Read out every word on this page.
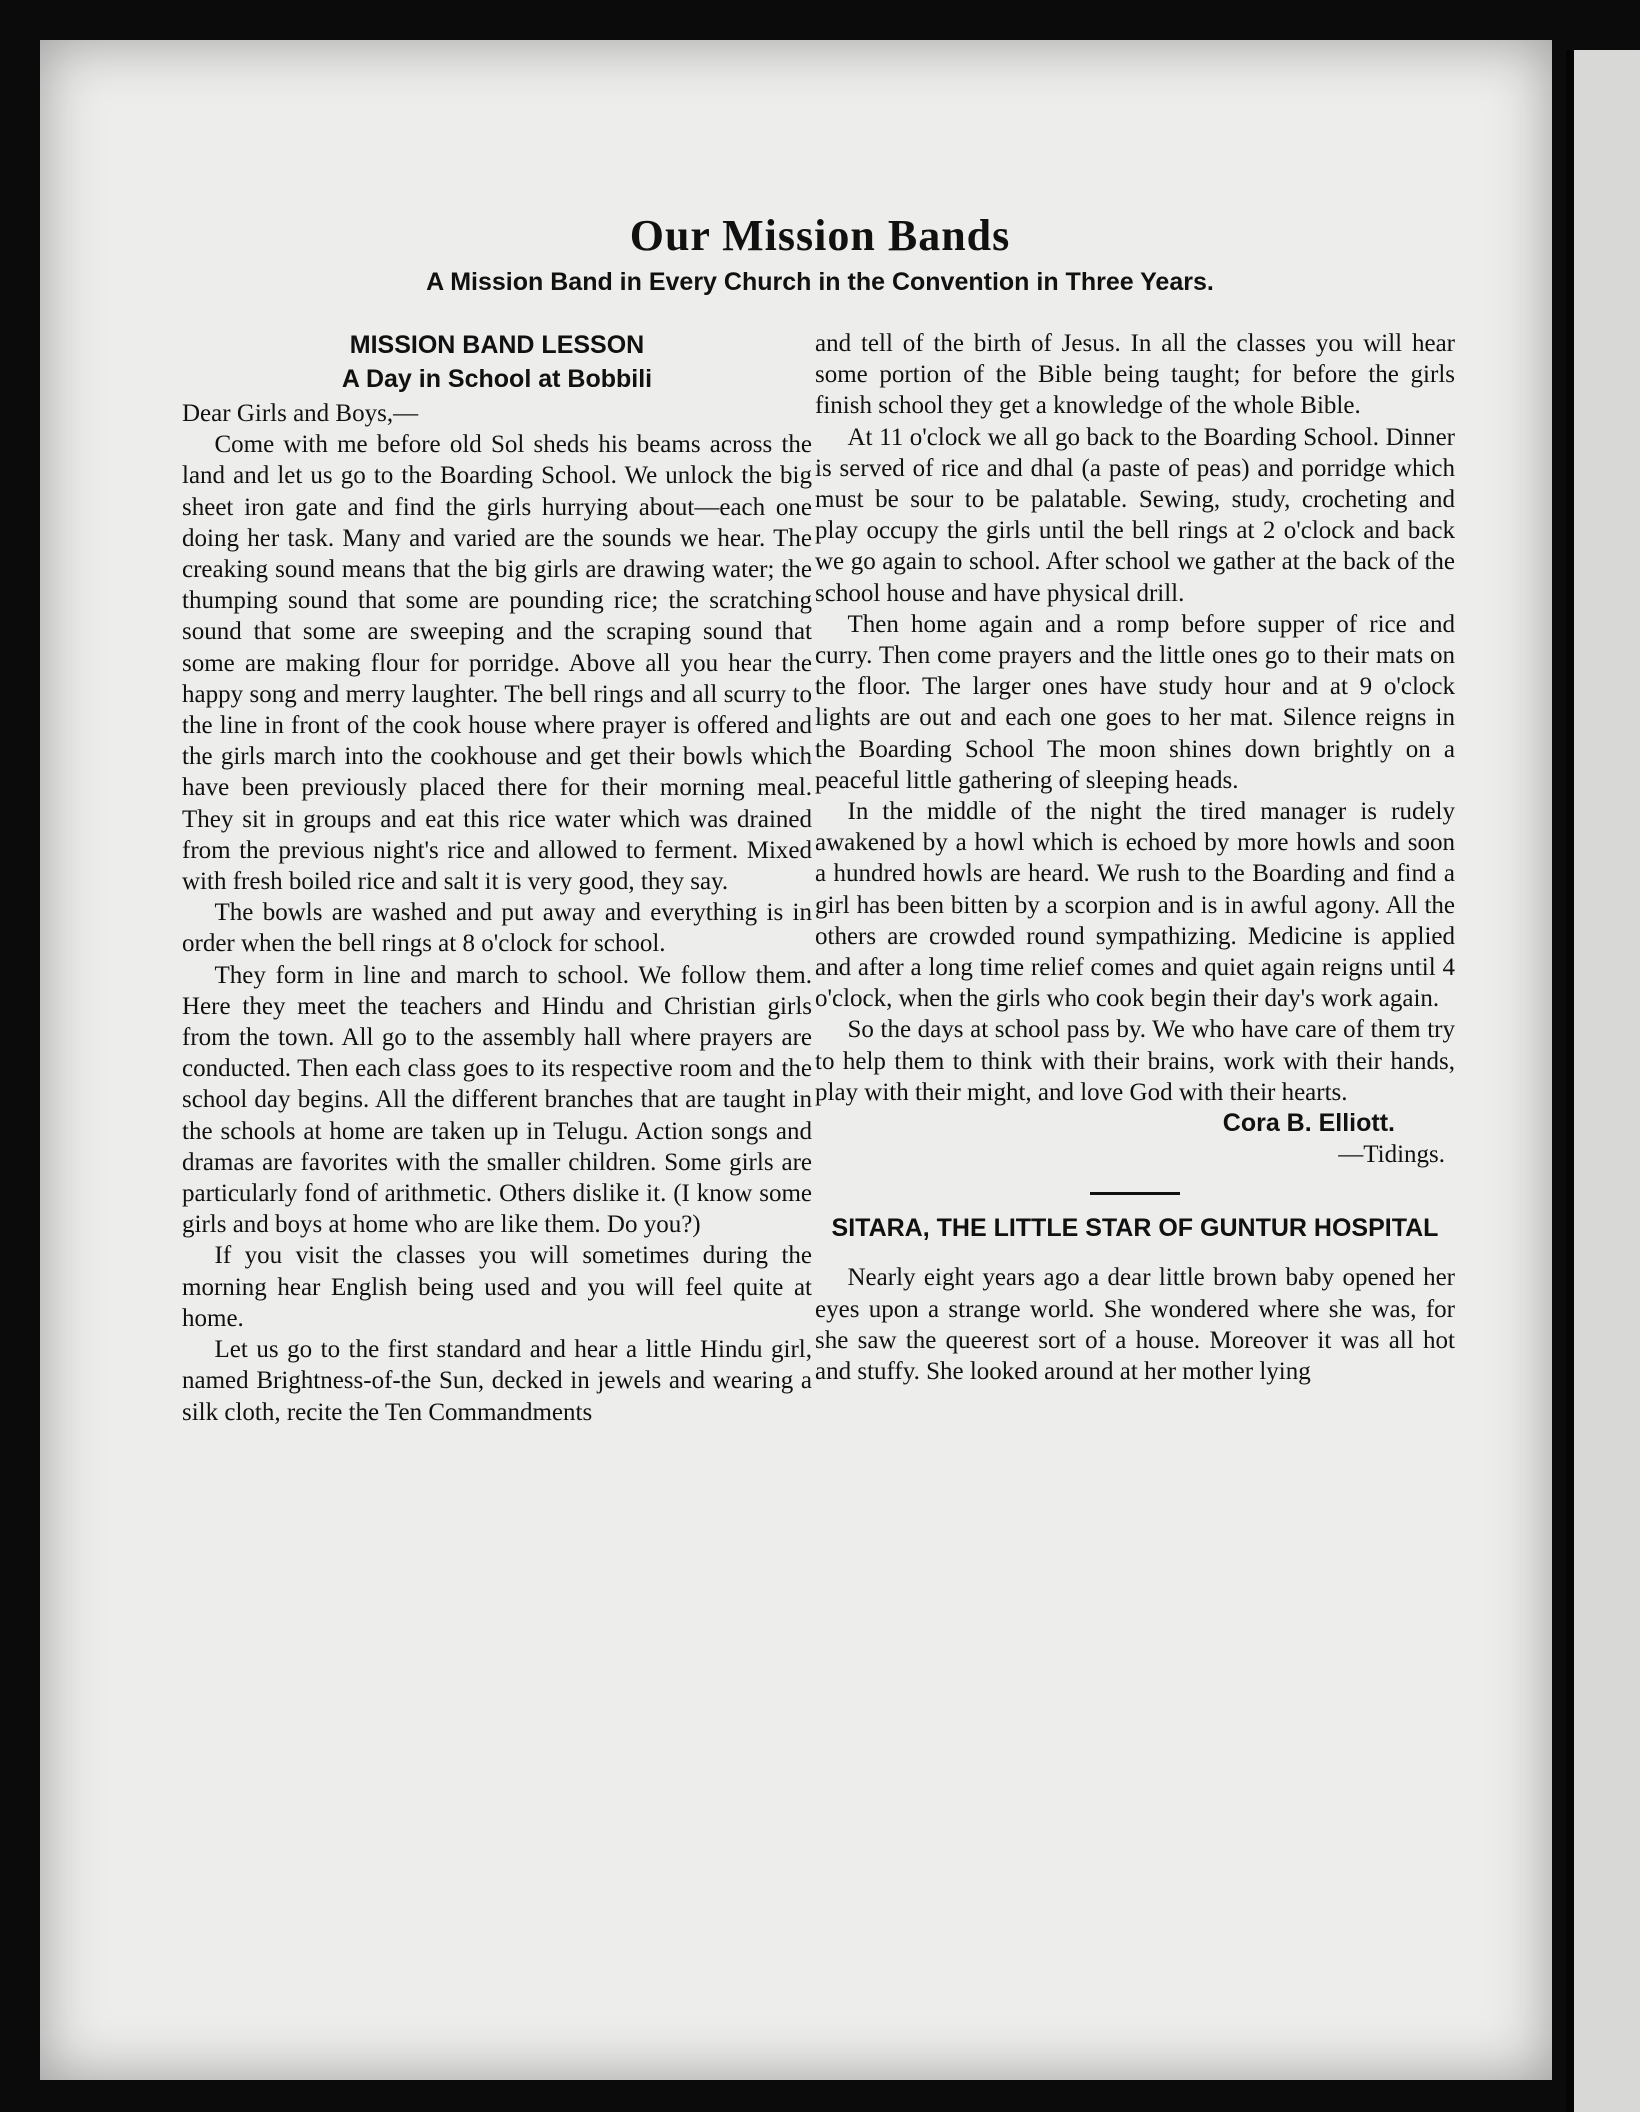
Our Mission Bands
A Mission Band in Every Church in the Convention in Three Years.
MISSION BAND LESSON
A Day in School at Bobbili

Dear Girls and Boys,—

Come with me before old Sol sheds his beams across the land and let us go to the Boarding School. We unlock the big sheet iron gate and find the girls hurrying about—each one doing her task. Many and varied are the sounds we hear. The creaking sound means that the big girls are drawing water; the thumping sound that some are pounding rice; the scratching sound that some are sweeping and the scraping sound that some are making flour for porridge. Above all you hear the happy song and merry laughter. The bell rings and all scurry to the line in front of the cook house where prayer is offered and the girls march into the cookhouse and get their bowls which have been previously placed there for their morning meal. They sit in groups and eat this rice water which was drained from the previous night's rice and allowed to ferment. Mixed with fresh boiled rice and salt it is very good, they say.

The bowls are washed and put away and everything is in order when the bell rings at 8 o'clock for school.

They form in line and march to school. We follow them. Here they meet the teachers and Hindu and Christian girls from the town. All go to the assembly hall where prayers are conducted. Then each class goes to its respective room and the school day begins. All the different branches that are taught in the schools at home are taken up in Telugu. Action songs and dramas are favorites with the smaller children. Some girls are particularly fond of arithmetic. Others dislike it. (I know some girls and boys at home who are like them. Do you?)

If you visit the classes you will sometimes during the morning hear English being used and you will feel quite at home.

Let us go to the first standard and hear a little Hindu girl, named Brightness-of-the Sun, decked in jewels and wearing a silk cloth, recite the Ten Commandments

and tell of the birth of Jesus. In all the classes you will hear some portion of the Bible being taught; for before the girls finish school they get a knowledge of the whole Bible.

At 11 o'clock we all go back to the Boarding School. Dinner is served of rice and dhal (a paste of peas) and porridge which must be sour to be palatable. Sewing, study, crocheting and play occupy the girls until the bell rings at 2 o'clock and back we go again to school. After school we gather at the back of the school house and have physical drill.

Then home again and a romp before supper of rice and curry. Then come prayers and the little ones go to their mats on the floor. The larger ones have study hour and at 9 o'clock lights are out and each one goes to her mat. Silence reigns in the Boarding School The moon shines down brightly on a peaceful little gathering of sleeping heads.

In the middle of the night the tired manager is rudely awakened by a howl which is echoed by more howls and soon a hundred howls are heard. We rush to the Boarding and find a girl has been bitten by a scorpion and is in awful agony. All the others are crowded round sympathizing. Medicine is applied and after a long time relief comes and quiet again reigns until 4 o'clock, when the girls who cook begin their day's work again.

So the days at school pass by. We who have care of them try to help them to think with their brains, work with their hands, play with their might, and love God with their hearts.

Cora B. Elliott.
—Tidings.
SITARA, THE LITTLE STAR OF GUNTUR HOSPITAL

Nearly eight years ago a dear little brown baby opened her eyes upon a strange world. She wondered where she was, for she saw the queerest sort of a house. Moreover it was all hot and stuffy. She looked around at her mother lying
